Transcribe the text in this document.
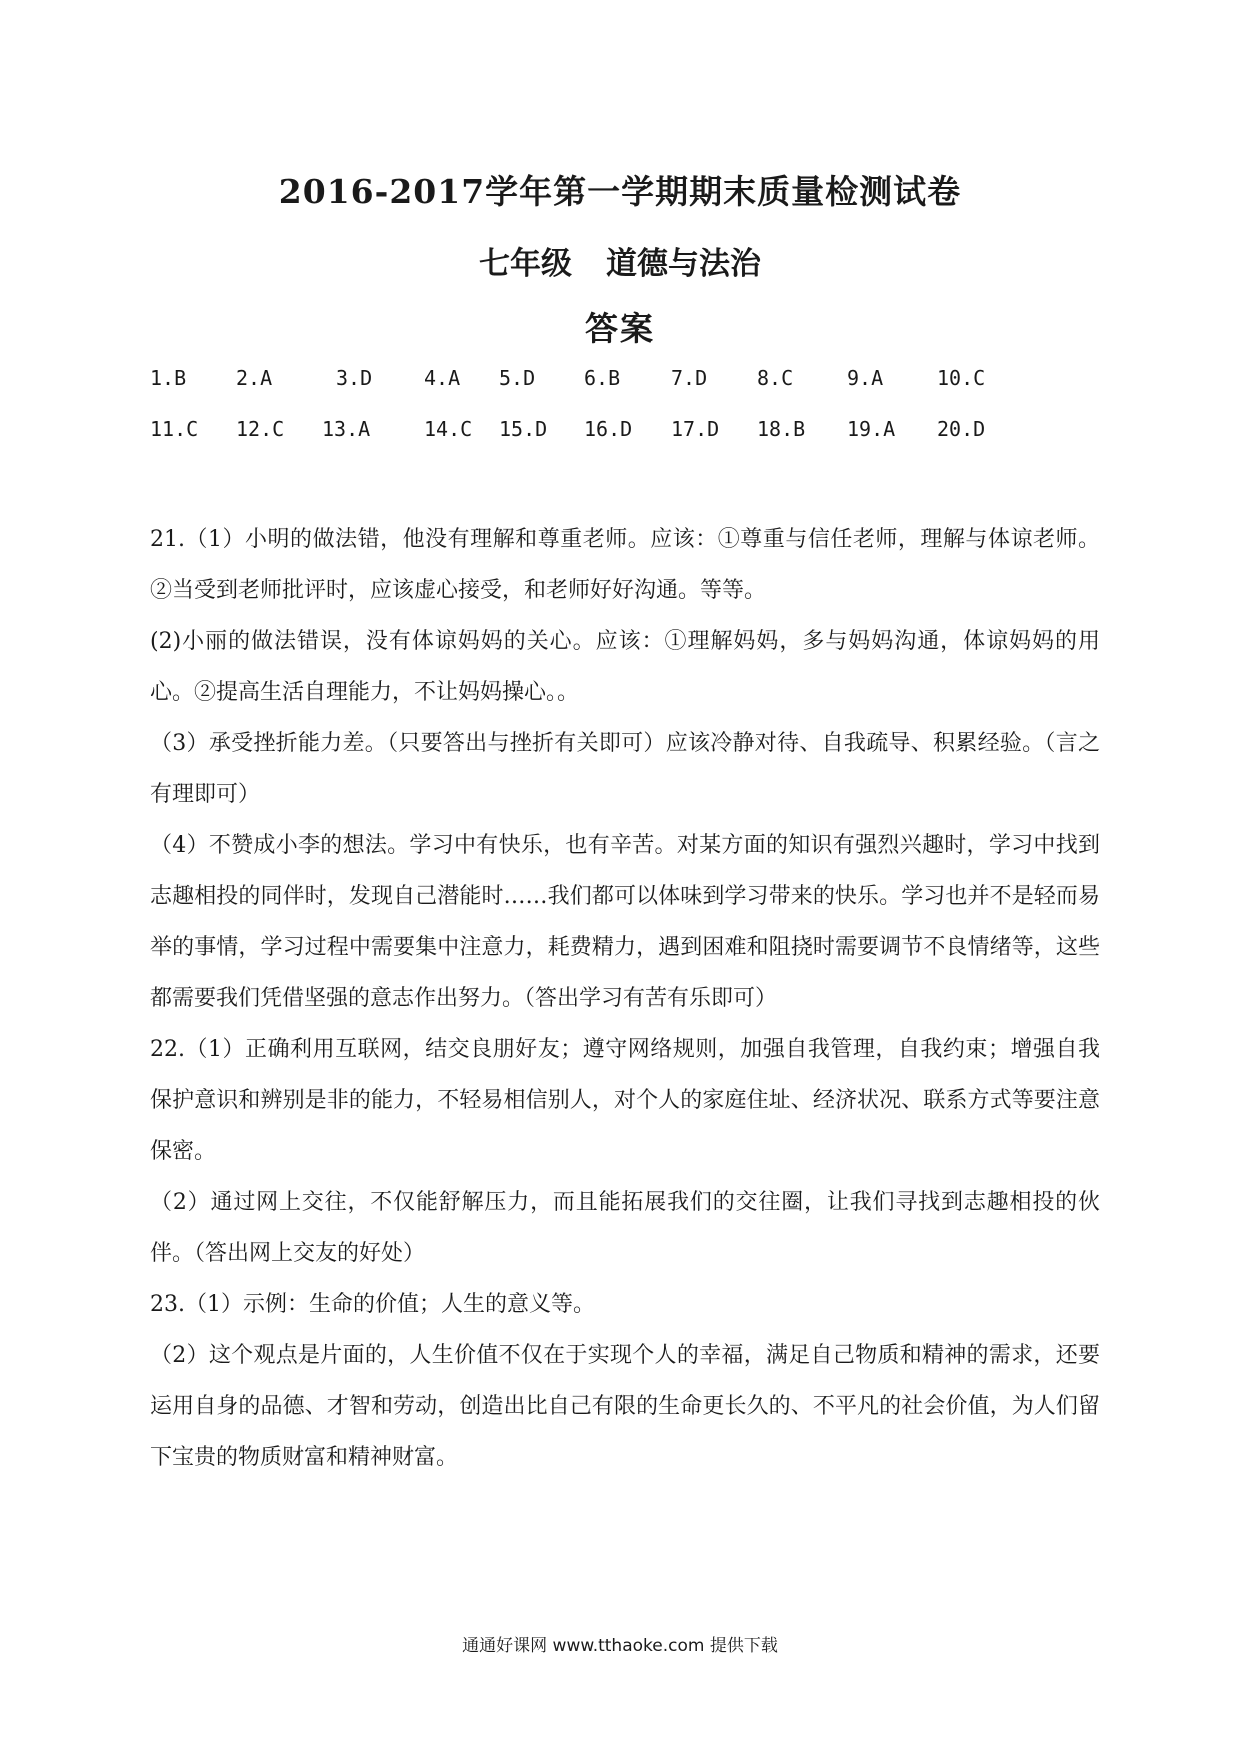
2016-2017学年第一学期期末质量检测试卷
七年级 道德与法治
答案
1.B 2.A	3.D	4.A 5.D 6.B	7.D 8.C	9.A	10.C
11.C 12.C 13.A	14.C 15.D 16.D 17.D 18.B 19.A 20.D

21.（1）小明的做法错，他没有理解和尊重老师。应该：①尊重与信任老师，理解与体谅老师。②当受到老师批评时，应该虚心接受，和老师好好沟通。等等。

(2)小丽的做法错误，没有体谅妈妈的关心。应该：①理解妈妈，多与妈妈沟通，体谅妈妈的用心。②提高生活自理能力，不让妈妈操心。。

（3）承受挫折能力差。（只要答出与挫折有关即可）应该冷静对待、自我疏导、积累经验。（言之有理即可）

（4）不赞成小李的想法。学习中有快乐，也有辛苦。对某方面的知识有强烈兴趣时，学习中找到志趣相投的同伴时，发现自己潜能时……我们都可以体味到学习带来的快乐。学习也并不是轻而易举的事情，学习过程中需要集中注意力，耗费精力，遇到困难和阻挠时需要调节不良情绪等，这些都需要我们凭借坚强的意志作出努力。（答出学习有苦有乐即可）

22.（1）正确利用互联网，结交良朋好友；遵守网络规则，加强自我管理，自我约束；增强自我保护意识和辨别是非的能力，不轻易相信别人，对个人的家庭住址、经济状况、联系方式等要注意保密。

（2）通过网上交往，不仅能舒解压力，而且能拓展我们的交往圈，让我们寻找到志趣相投的伙伴。（答出网上交友的好处）

23.（1）示例：生命的价值；人生的意义等。

（2）这个观点是片面的，人生价值不仅在于实现个人的幸福，满足自己物质和精神的需求，还要运用自身的品德、才智和劳动，创造出比自己有限的生命更长久的、不平凡的社会价值，为人们留下宝贵的物质财富和精神财富。

通通好课网 www.tthaoke.com 提供下载
